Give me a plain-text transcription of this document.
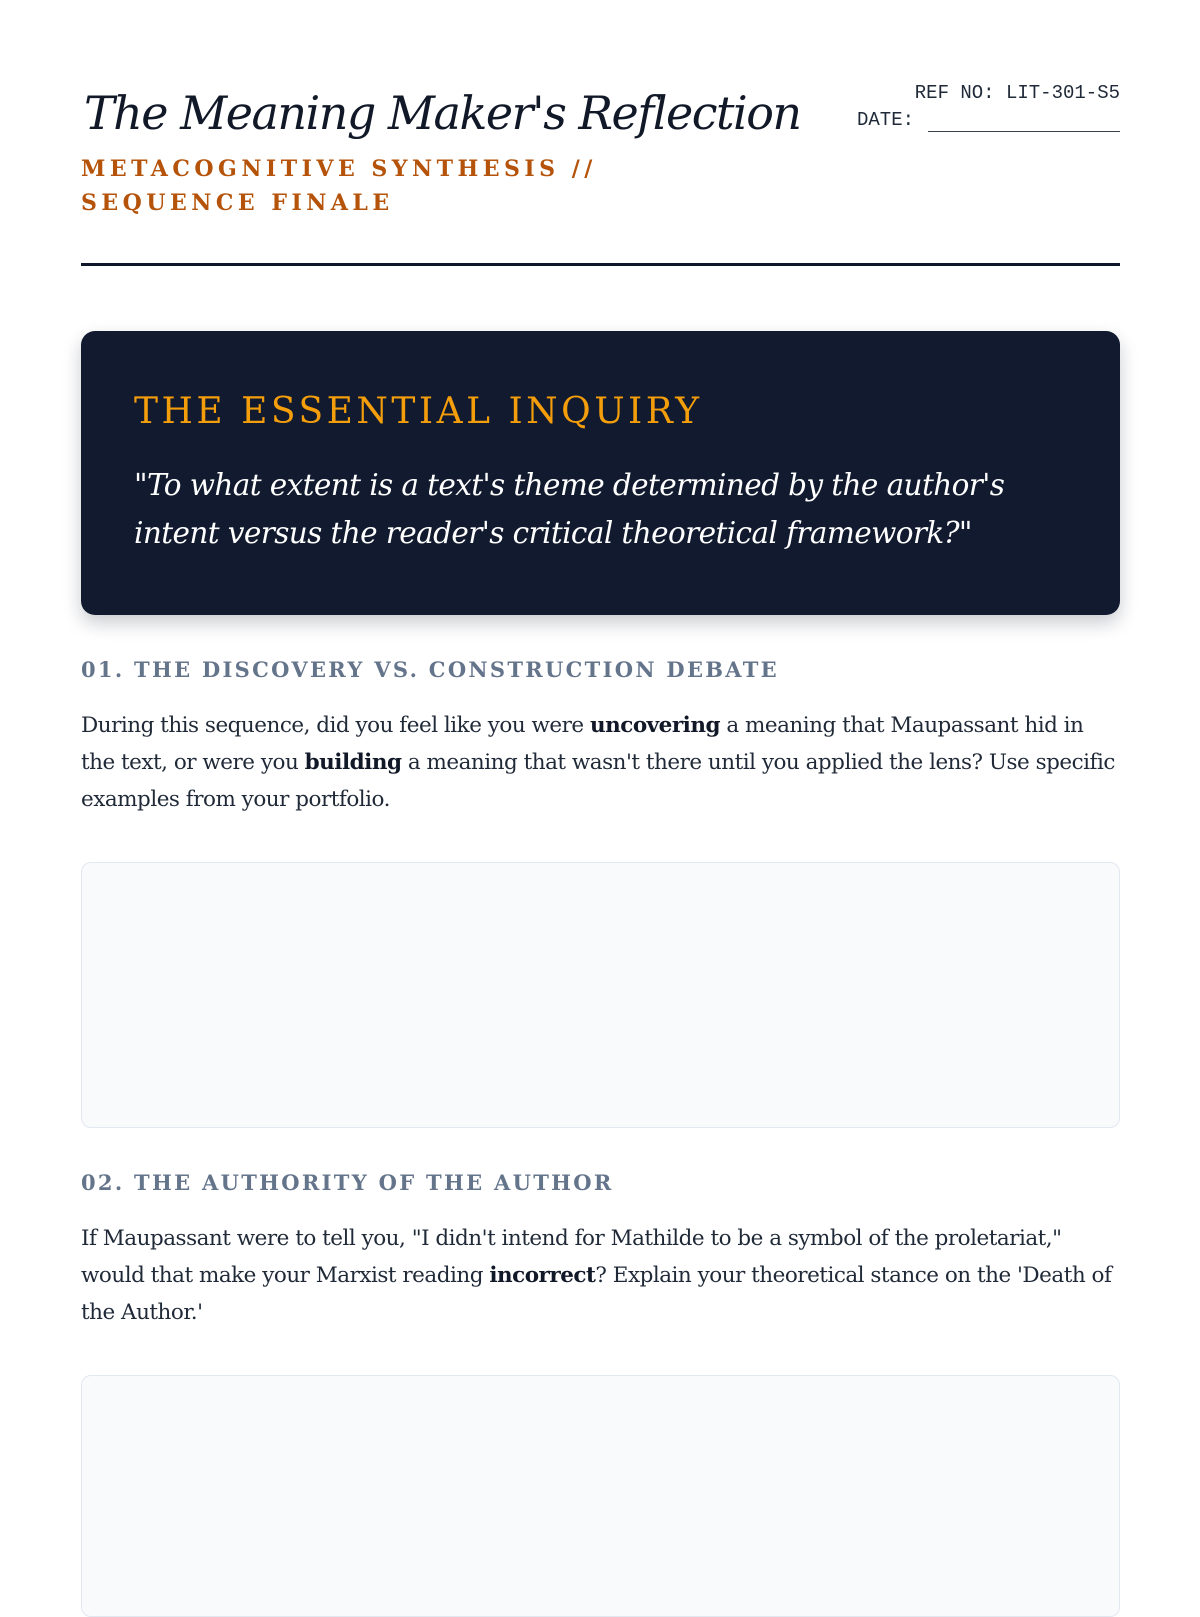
The Meaning Maker's Reflection
METACOGNITIVE SYNTHESIS // SEQUENCE FINALE
REF NO: LIT-301-S5
DATE:
THE ESSENTIAL INQUIRY

"To what extent is a text's theme determined by the author's intent versus the reader's critical theoretical framework?"

01. THE DISCOVERY VS. CONSTRUCTION DEBATE

During this sequence, did you feel like you were uncovering a meaning that Maupassant hid in the text, or were you building a meaning that wasn't there until you applied the lens? Use specific examples from your portfolio.

02. THE AUTHORITY OF THE AUTHOR

If Maupassant were to tell you, "I didn't intend for Mathilde to be a symbol of the proletariat," would that make your Marxist reading incorrect? Explain your theoretical stance on the 'Death of the Author.'
